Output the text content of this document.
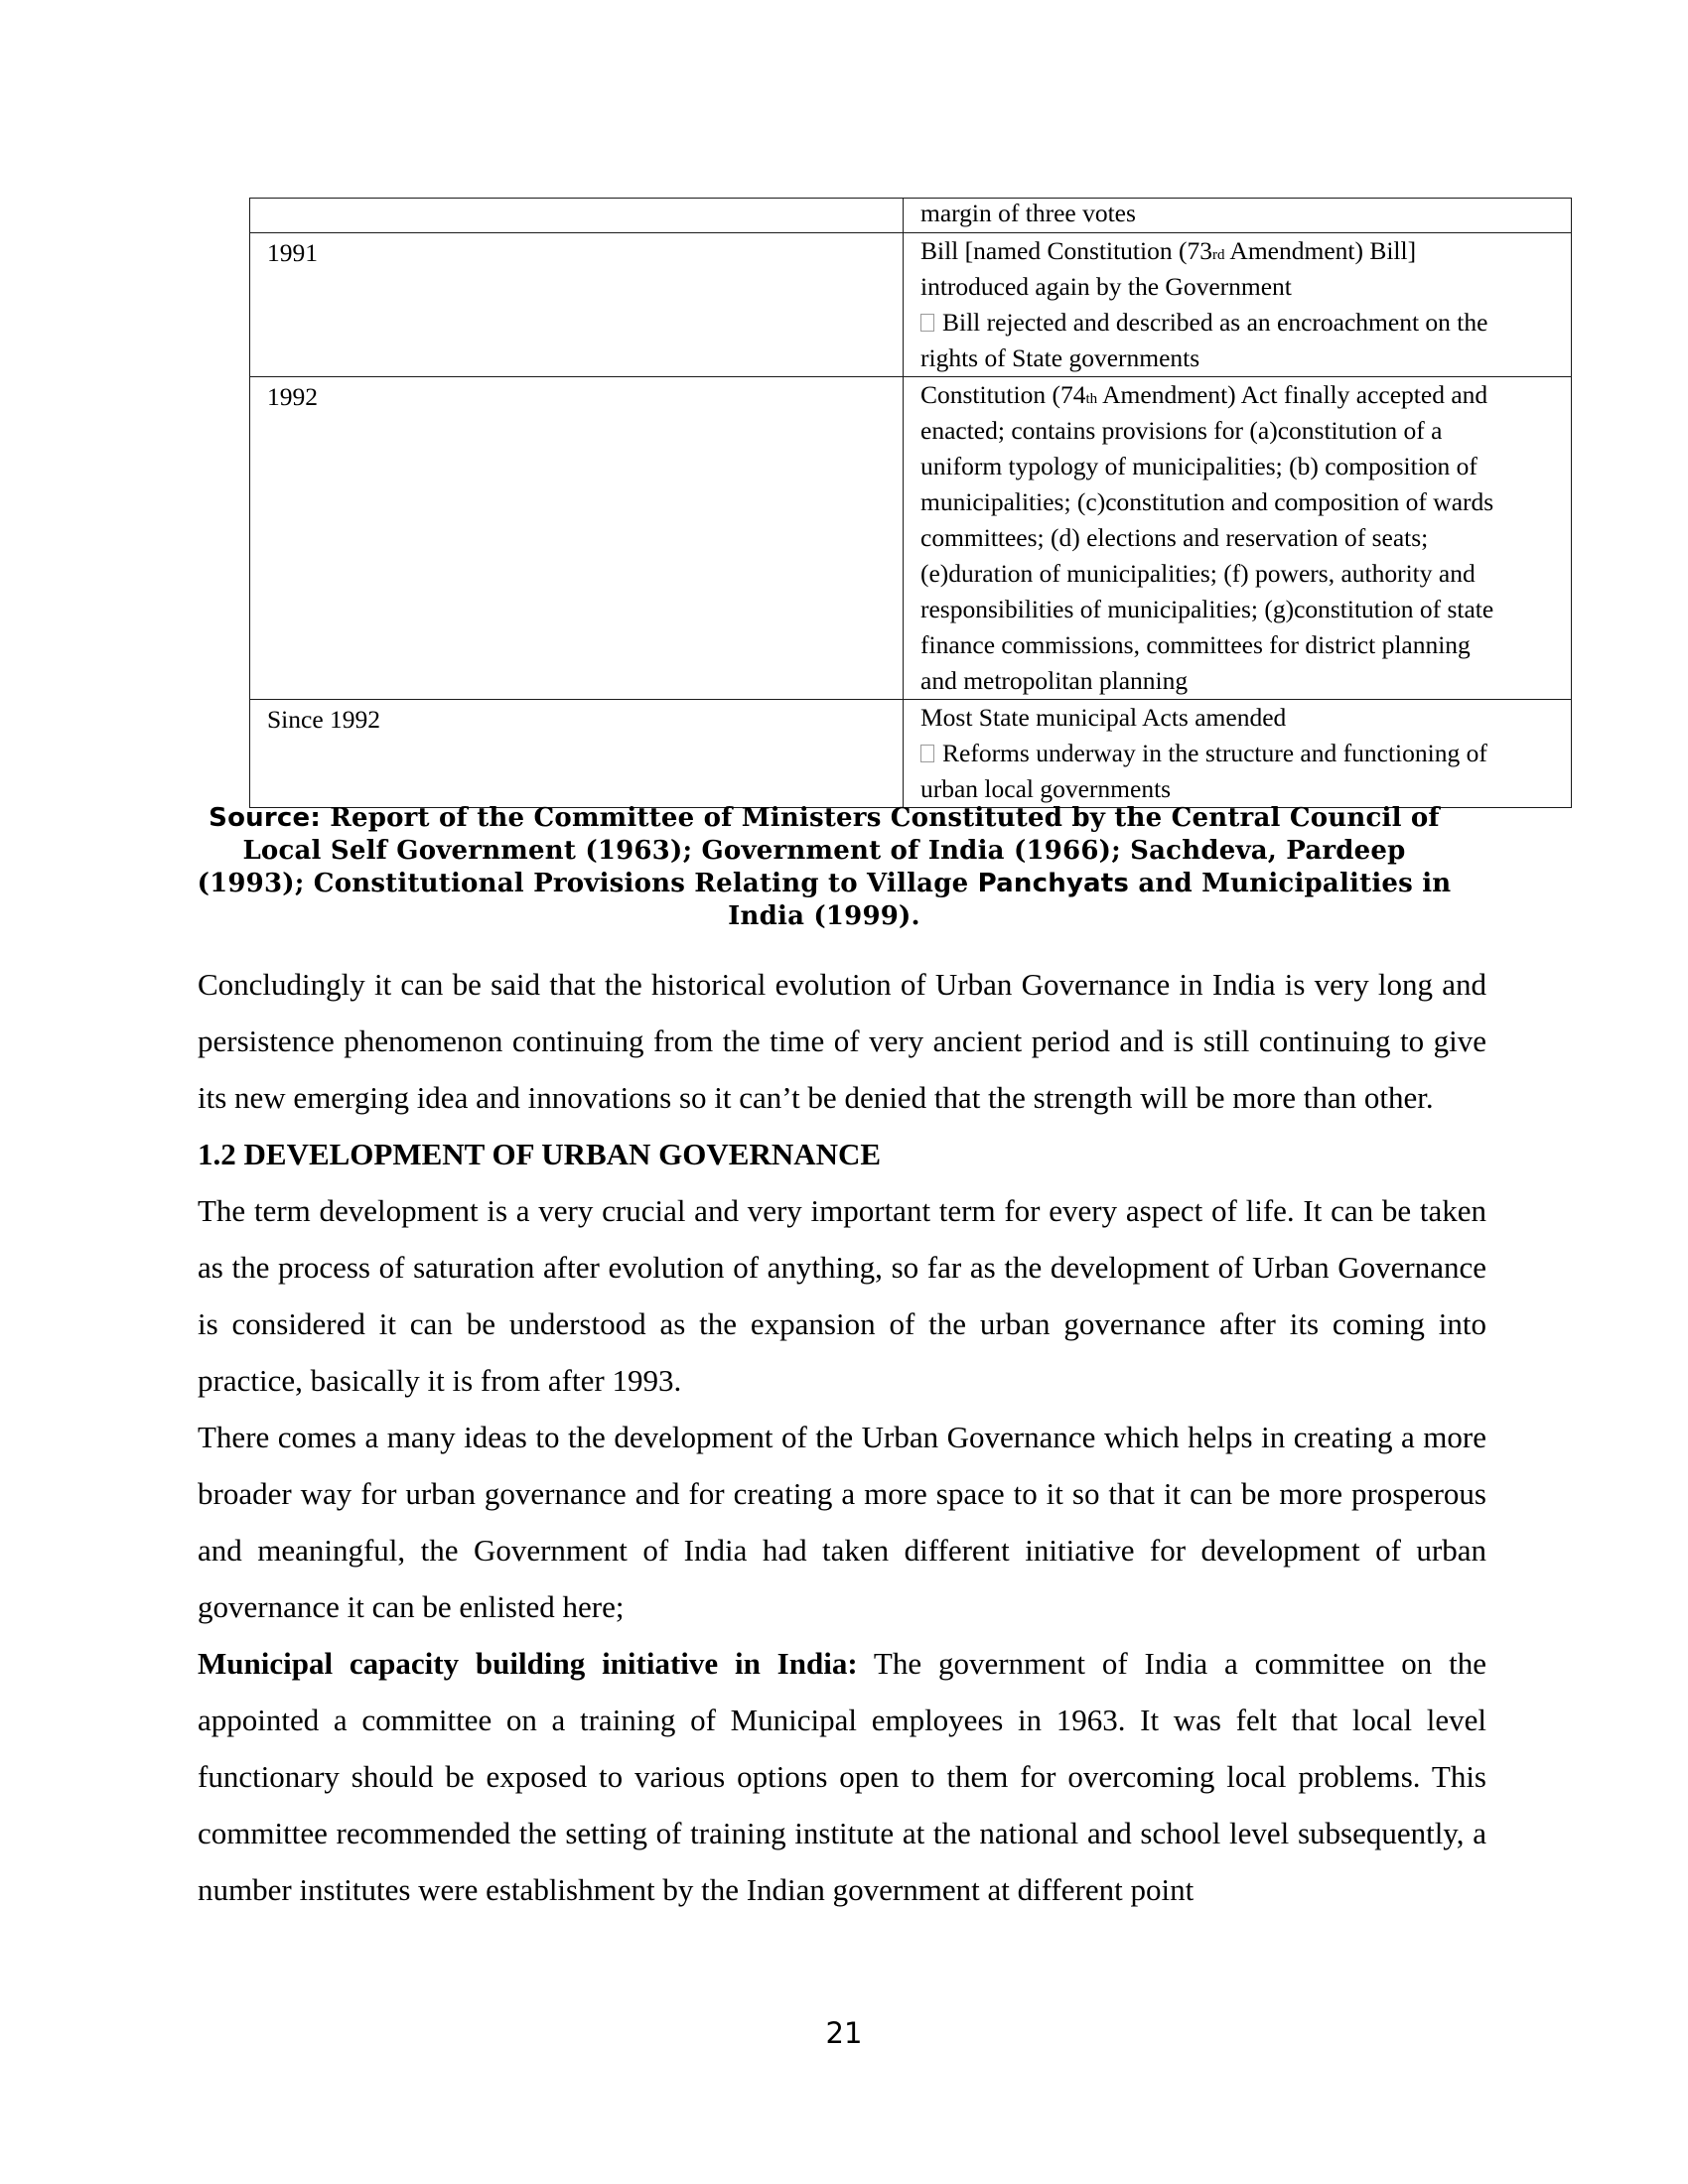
	margin of three votes

1991	Bill [named Constitution (73rd Amendment) Bill]
introduced again by the Government
Bill rejected and described as an encroachment on the
rights of State governments

1992	Constitution (74th Amendment) Act finally accepted and
enacted; contains provisions for (a)constitution of a
uniform typology of municipalities; (b) composition of
municipalities; (c)constitution and composition of wards
committees; (d) elections and reservation of seats;
(e)duration of municipalities; (f) powers, authority and
responsibilities of municipalities; (g)constitution of state
finance commissions, committees for district planning
and metropolitan planning

Since 1992	Most State municipal Acts amended
Reforms underway in the structure and functioning of
urban local governments
Source: Report of the Committee of Ministers Constituted by the Central Council of Local Self Government (1963); Government of India (1966); Sachdeva, Pardeep (1993); Constitutional Provisions Relating to Village Panchyats and Municipalities in India (1999).

Concludingly it can be said that the historical evolution of Urban Governance in India is very long and persistence phenomenon continuing from the time of very ancient period and is still continuing to give its new emerging idea and innovations so it can’t be denied that the strength will be more than other.

1.2 DEVELOPMENT OF URBAN GOVERNANCE

The term development is a very crucial and very important term for every aspect of life. It can be taken as the process of saturation after evolution of anything, so far as the development of Urban Governance is considered it can be understood as the expansion of the urban governance after its coming into practice, basically it is from after 1993.

There comes a many ideas to the development of the Urban Governance which helps in creating a more broader way for urban governance and for creating a more space to it so that it can be more prosperous and meaningful, the Government of India had taken different initiative for development of urban governance it can be enlisted here;

Municipal capacity building initiative in India: The government of India a committee on the appointed a committee on a training of Municipal employees in 1963. It was felt that local level functionary should be exposed to various options open to them for overcoming local problems. This committee recommended the setting of training institute at the national and school level subsequently, a number institutes were establishment by the Indian government at different point

21
